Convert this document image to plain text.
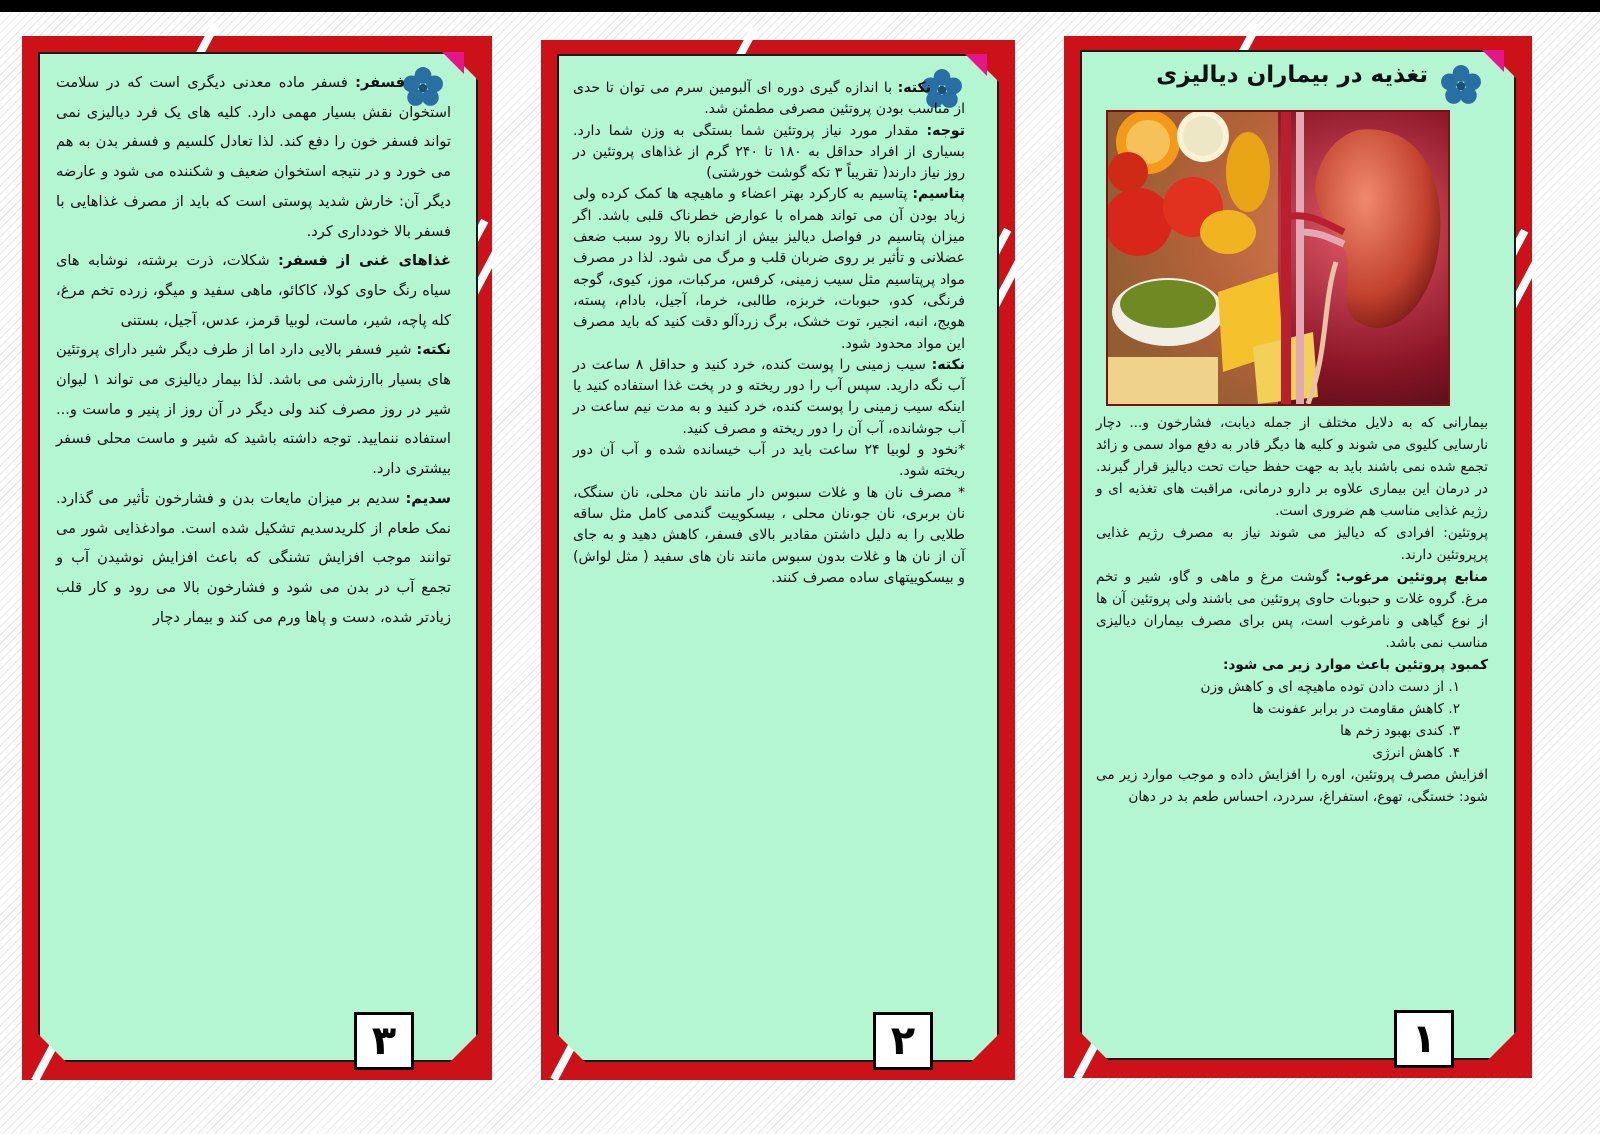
فسفر: فسفر ماده معدنی دیگری است که در سلامت استخوان نقش بسیار مهمی دارد. کلیه های یک فرد دیالیزی نمی تواند فسفر خون را دفع کند. لذا تعادل کلسیم و فسفر بدن به هم می خورد و در نتیجه استخوان ضعیف و شکننده می شود و عارضه دیگر آن: خارش شدید پوستی است که باید از مصرف غذاهایی با فسفر بالا خودداری کرد.

غذاهای غنی از فسفر: شکلات، ذرت برشته، نوشابه های سیاه رنگ حاوی کولا، کاکائو، ماهی سفید و میگو، زرده تخم مرغ، کله پاچه، شیر، ماست، لوبیا قرمز، عدس، آجیل، بستنی

نکته: شیر فسفر بالایی دارد اما از طرف دیگر شیر دارای پروتئین های بسیار باارزشی می باشد. لذا بیمار دیالیزی می تواند ۱ لیوان شیر در روز مصرف کند ولی دیگر در آن روز از پنیر و ماست و... استفاده ننمایید. توجه داشته باشید که شیر و ماست محلی فسفر بیشتری دارد.

سدیم: سدیم بر میزان مایعات بدن و فشارخون تأثیر می گذارد. نمک طعام از کلریدسدیم تشکیل شده است. موادغذایی شور می توانند موجب افزایش تشنگی که باعث افزایش نوشیدن آب و تجمع آب در بدن می شود و فشارخون بالا می رود و کار قلب زیادتر شده، دست و پاها ورم می کند و بیمار دچار

۳

نکته: با اندازه گیری دوره ای آلبومین سرم می توان تا حدی از مناسب بودن پروتئین مصرفی مطمئن شد.

توجه: مقدار مورد نیاز پروتئین شما بستگی به وزن شما دارد. بسیاری از افراد حداقل به ۱۸۰ تا ۲۴۰ گرم از غذاهای پروتئین در روز نیاز دارند( تقریباً ۳ تکه گوشت خورشتی)

پتاسیم: پتاسیم به کارکرد بهتر اعضاء و ماهیچه ها کمک کرده ولی زیاد بودن آن می تواند همراه با عوارض خطرناک قلبی باشد. اگر میزان پتاسیم در فواصل دیالیز بیش از اندازه بالا رود سبب ضعف عضلانی و تأثیر بر روی ضربان قلب و مرگ می شود. لذا در مصرف مواد پرپتاسیم مثل سیب زمینی، کرفس، مرکبات، موز، کیوی، گوجه فرنگی، کدو، حبوبات، خربزه، طالبی، خرما، آجیل، بادام، پسته، هویج، انبه، انجیر، توت خشک، برگ زردآلو دقت کنید که باید مصرف این مواد محدود شود.

نکته: سیب زمینی را پوست کنده، خرد کنید و حداقل ۸ ساعت در آب نگه دارید. سپس آب را دور ریخته و در پخت غذا استفاده کنید یا اینکه سیب زمینی را پوست کنده، خرد کنید و به مدت نیم ساعت در آب جوشانده، آب آن را دور ریخته و مصرف کنید.

*نخود و لوبیا ۲۴ ساعت باید در آب خیسانده شده و آب آن دور ریخته شود.

* مصرف نان ها و غلات سبوس دار مانند نان محلی، نان سنگک، نان بربری، نان جو،نان محلی ، بیسکوییت گندمی کامل مثل ساقه طلایی را به دلیل داشتن مقادیر بالای فسفر، کاهش دهید و به جای آن از نان ها و غلات بدون سبوس مانند نان های سفید ( مثل لواش) و بیسکوییتهای ساده مصرف کنند.

۲
تغذیه در بیماران دیالیزی

بیمارانی که به دلایل مختلف از جمله دیابت، فشارخون و... دچار نارسایی کلیوی می شوند و کلیه ها دیگر قادر به دفع مواد سمی و زائد تجمع شده نمی باشند باید به جهت حفظ حیات تحت دیالیز قرار گیرند. در درمان این بیماری علاوه بر دارو درمانی، مراقبت های تغذیه ای و رژیم غذایی مناسب هم ضروری است.

پروتئین: افرادی که دیالیز می شوند نیاز به مصرف رژیم غذایی پرپروتئین دارند.

منابع پروتئین مرغوب: گوشت مرغ و ماهی و گاو، شیر و تخم مرغ. گروه غلات و حبوبات حاوی پروتئین می باشند ولی پروتئین آن ها از نوع گیاهی و نامرغوب است، پس برای مصرف بیماران دیالیزی مناسب نمی باشد.

کمبود پروتئین باعث موارد زیر می شود:

۱. از دست دادن توده ماهیچه ای و کاهش وزن

۲. کاهش مقاومت در برابر عفونت ها

۳. کندی بهبود زخم ها

۴. کاهش انرژی

افزایش مصرف پروتئین، اوره را افزایش داده و موجب موارد زیر می شود: خستگی، تهوع، استفراغ، سردرد، احساس طعم بد در دهان

۱
